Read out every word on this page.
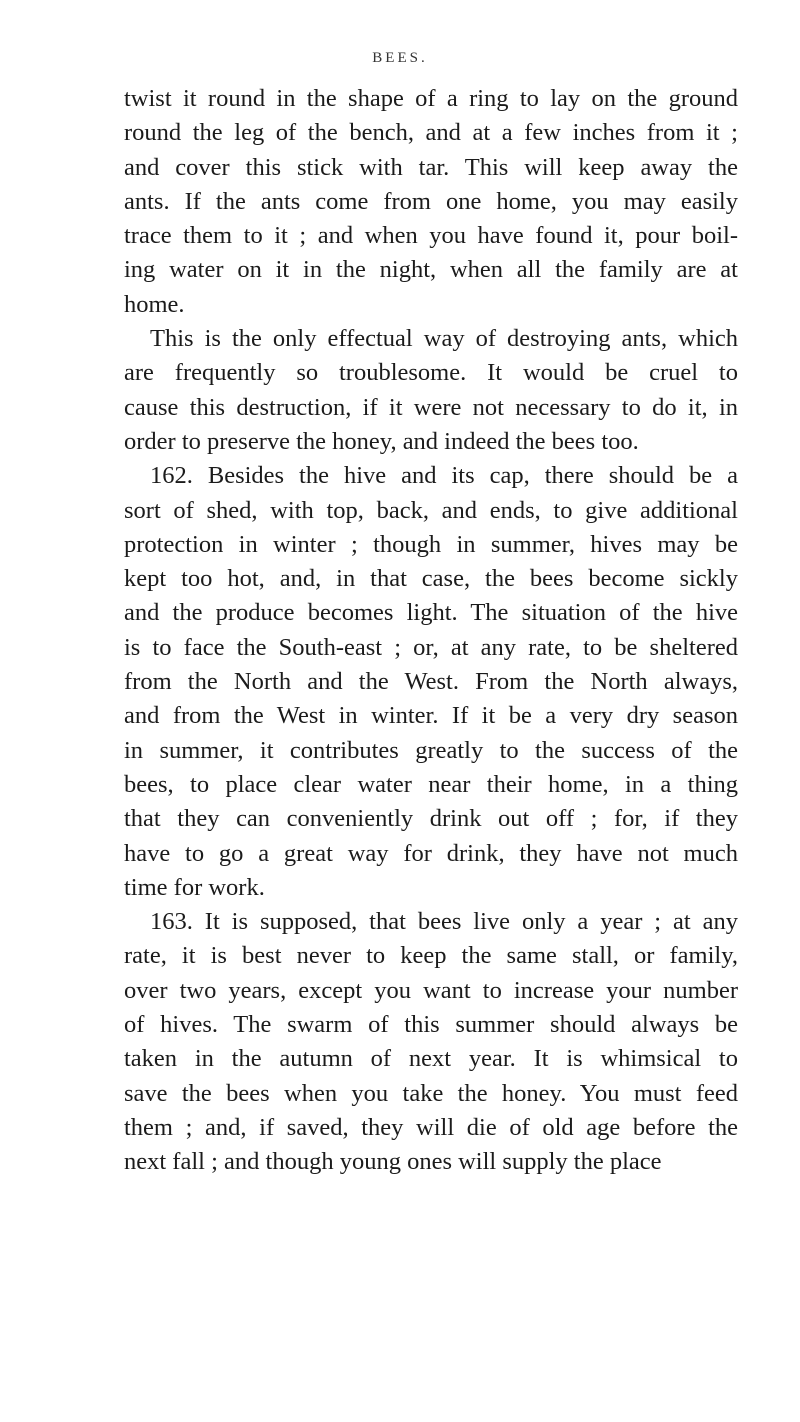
BEES.
twist it round in the shape of a ring to lay on the ground
round the leg of the bench, and at a few inches from it ;
and cover this stick with tar. This will keep away the
ants. If the ants come from one home, you may easily
trace them to it ; and when you have found it, pour boil-
ing water on it in the night, when all the family are at
home.
This is the only effectual way of destroying ants, which
are frequently so troublesome. It would be cruel to
cause this destruction, if it were not necessary to do it, in
order to preserve the honey, and indeed the bees too.
162. Besides the hive and its cap, there should be a
sort of shed, with top, back, and ends, to give additional
protection in winter ; though in summer, hives may be
kept too hot, and, in that case, the bees become sickly
and the produce becomes light. The situation of the hive
is to face the South-east ; or, at any rate, to be sheltered
from the North and the West. From the North always,
and from the West in winter. If it be a very dry season
in summer, it contributes greatly to the success of the
bees, to place clear water near their home, in a thing
that they can conveniently drink out off ; for, if they
have to go a great way for drink, they have not much
time for work.
163. It is supposed, that bees live only a year ; at any
rate, it is best never to keep the same stall, or family,
over two years, except you want to increase your number
of hives. The swarm of this summer should always be
taken in the autumn of next year. It is whimsical to
save the bees when you take the honey. You must feed
them ; and, if saved, they will die of old age before the
next fall ; and though young ones will supply the place
